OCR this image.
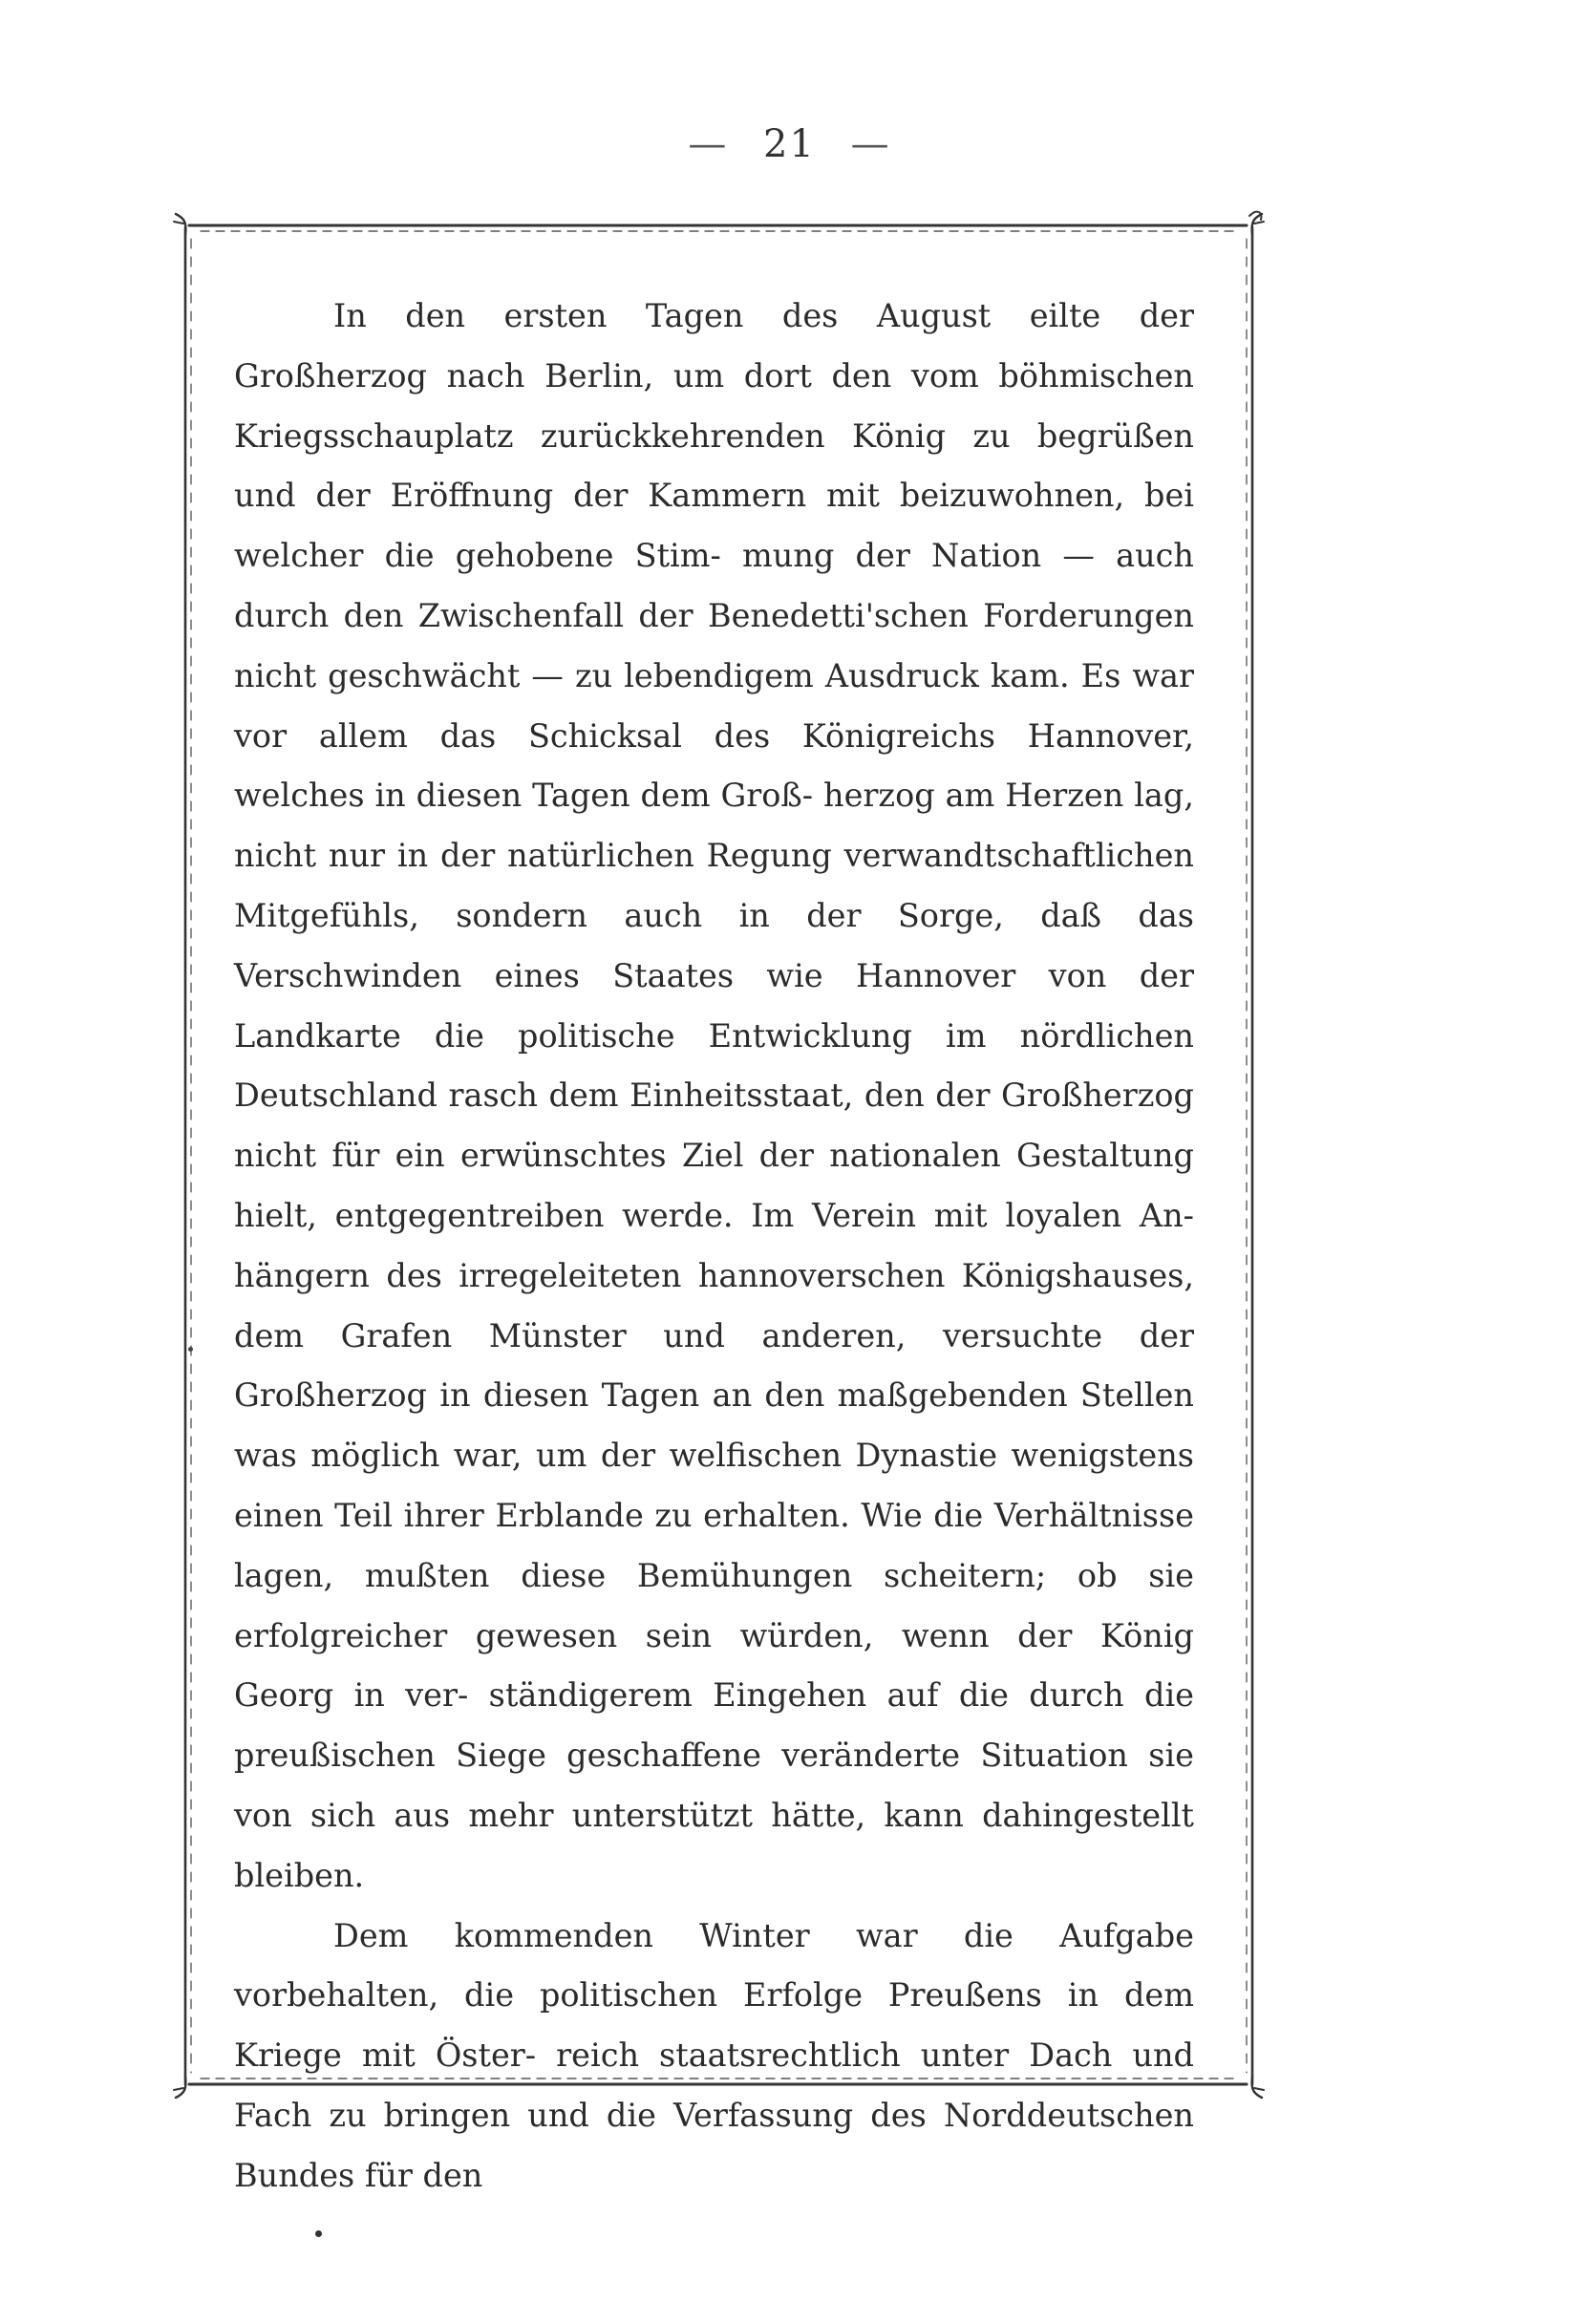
— 21 —

In den ersten Tagen des August eilte der Großherzog nach Berlin, um dort den vom böhmischen Kriegsschauplatz zurückkehrenden König zu begrüßen und der Eröffnung der Kammern mit beizuwohnen, bei welcher die gehobene Stim- mung der Nation — auch durch den Zwischenfall der Benedetti'schen Forderungen nicht geschwächt — zu lebendigem Ausdruck kam. Es war vor allem das Schicksal des Königreichs Hannover, welches in diesen Tagen dem Groß- herzog am Herzen lag, nicht nur in der natürlichen Regung verwandtschaftlichen Mitgefühls, sondern auch in der Sorge, daß das Verschwinden eines Staates wie Hannover von der Landkarte die politische Entwicklung im nördlichen Deutschland rasch dem Einheitsstaat, den der Großherzog nicht für ein erwünschtes Ziel der nationalen Gestaltung hielt, entgegentreiben werde. Im Verein mit loyalen An- hängern des irregeleiteten hannoverschen Königshauses, dem Grafen Münster und anderen, versuchte der Großherzog in diesen Tagen an den maßgebenden Stellen was möglich war, um der welfischen Dynastie wenigstens einen Teil ihrer Erblande zu erhalten. Wie die Verhältnisse lagen, mußten diese Bemühungen scheitern; ob sie erfolgreicher gewesen sein würden, wenn der König Georg in ver- ständigerem Eingehen auf die durch die preußischen Siege geschaffene veränderte Situation sie von sich aus mehr unterstützt hätte, kann dahingestellt bleiben.

Dem kommenden Winter war die Aufgabe vorbehalten, die politischen Erfolge Preußens in dem Kriege mit Öster- reich staatsrechtlich unter Dach und Fach zu bringen und die Verfassung des Norddeutschen Bundes für den
